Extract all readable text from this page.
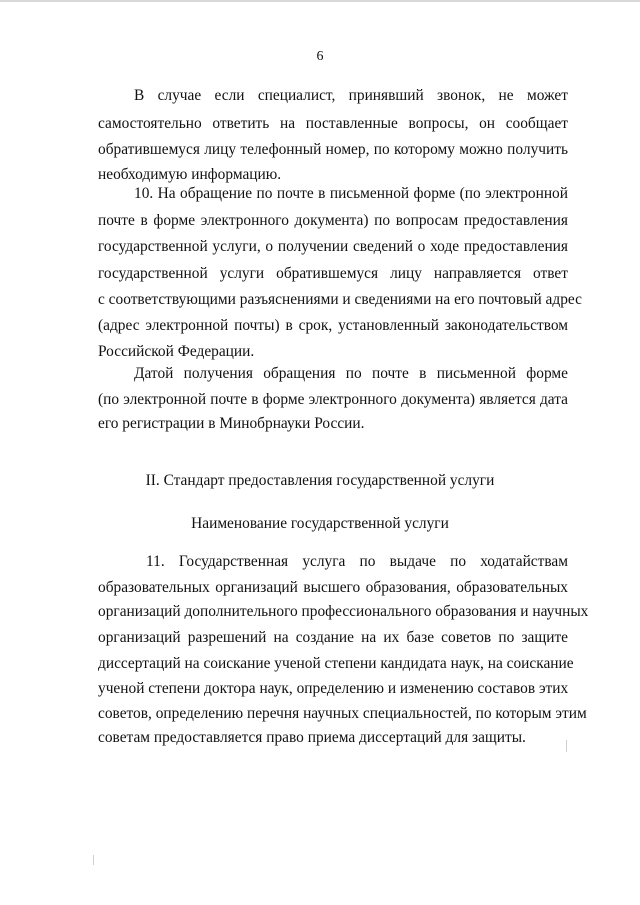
6
В случае если специалист, принявший звонок, не может
самостоятельно ответить на поставленные вопросы, он сообщает
обратившемуся лицу телефонный номер, по которому можно получить
необходимую информацию.
10. На обращение по почте в письменной форме (по электронной
почте в форме электронного документа) по вопросам предоставления
государственной услуги, о получении сведений о ходе предоставления
государственной услуги обратившемуся лицу направляется ответ
с соответствующими разъяснениями и сведениями на его почтовый адрес
(адрес электронной почты) в срок, установленный законодательством
Российской Федерации.
Датой получения обращения по почте в письменной форме
(по электронной почте в форме электронного документа) является дата
его регистрации в Минобрнауки России.
II. Стандарт предоставления государственной услуги
Наименование государственной услуги
11. Государственная услуга по выдаче по ходатайствам
образовательных организаций высшего образования, образовательных
организаций дополнительного профессионального образования и научных
организаций разрешений на создание на их базе советов по защите
диссертаций на соискание ученой степени кандидата наук, на соискание
ученой степени доктора наук, определению и изменению составов этих
советов, определению перечня научных специальностей, по которым этим
советам предоставляется право приема диссертаций для защиты.
